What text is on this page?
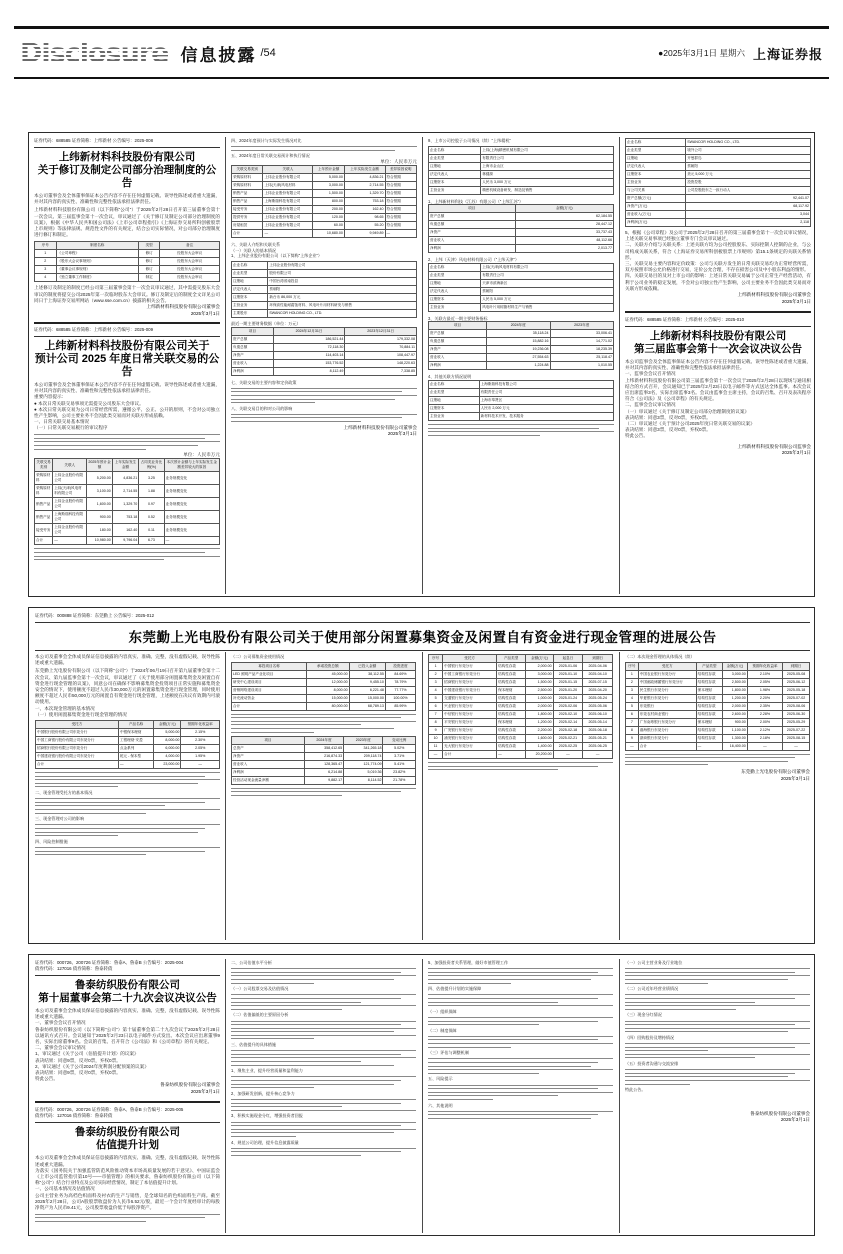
Disclosure 信息披露 /54	●2025年3月1日 星期六 上海证券报
证券代码：688585 证券简称：上纬新材 公告编号：2025-008
上纬新材料科技股份有限公司
关于修订及制定公司部分治理制度的公告
本公司董事会及全体董事保证本公告内容不存在任何虚假记载、误导性陈述或者重大遗漏，并对其内容的真实性、准确性和完整性依法承担法律责任。
上纬新材料科技股份有限公司（以下简称“公司”）于2025年2月28日召开第三届董事会第十一次会议、第三届监事会第十一次会议，审议通过了《关于修订及制定公司部分治理制度的议案》，根据《中华人民共和国公司法》《上市公司章程指引》《上海证券交易所科创板股票上市规则》等法律法规、规范性文件的有关规定，结合公司实际情况，对公司部分治理制度进行修订和制定。
序号	制度名称	类型	备注
1	《公司章程》	修订	经股东大会审议
2	《股东大会议事规则》	修订	经股东大会审议
3	《董事会议事规则》	修订	经股东大会审议
4	《独立董事工作制度》	制定	经股东大会审议
上述修订及制定的制度已经公司第三届董事会第十一次会议审议通过，其中需提交股东大会审议的制度将提交公司2025年第一次临时股东大会审议。修订及制定后的制度全文详见公司同日于上海证券交易所网站（www.sse.com.cn）披露的相关公告。
上纬新材料科技股份有限公司董事会
2025年3月1日
证券代码：688585 证券简称：上纬新材 公告编号：2025-009
上纬新材料科技股份有限公司关于
预计公司 2025 年度日常关联交易的公告
本公司董事会及全体董事保证本公告内容不存在任何虚假记载、误导性陈述或者重大遗漏，并对其内容的真实性、准确性和完整性依法承担法律责任。
重要内容提示：
● 本次日常关联交易事项无需提交公司股东大会审议。
● 本次日常关联交易为公司日常经营所需，遵循公平、公正、公开的原则，不会对公司独立性产生影响，公司主要业务不会因此类交易而对关联方形成依赖。
一、日常关联交易基本情况
（一）日常关联交易履行的审议程序
单位：人民币万元
关联交易类别	关联人	2025年预计金额	上年实际发生金额	占同类业务比例(%)	本次预计金额与上年实际发生金额差异较大的原因
采购原材料	上纬企业股份有限公司	5,200.00	4,836.21	3.25	业务规模变化
采购原材料	上纬(天津)风电材料有限公司	3,100.00	2,714.55	1.88	业务规模变化
销售产品	上纬企业股份有限公司	1,600.00	1,329.70	0.97	业务规模变化
销售产品	上海斯瑞科技有限公司	900.00	753.18	0.52	业务规模变化
接受劳务	上纬企业股份有限公司	180.00	162.40	0.11	业务规模变化
合计	—	10,980.00	9,796.04	6.73	—
四、2024年度预计与实际发生情况对比
五、2024年度日常关联交易预计和执行情况
单位：人民币万元
关联交易类别	关联人	上年预计金额	上年实际发生金额	差异原因说明
采购原材料	上纬企业股份有限公司	5,000.00	4,836.21	符合预期
采购原材料	上纬(天津)风电材料	3,000.00	2,714.55	符合预期
销售产品	上纬企业股份有限公司	1,500.00	1,329.70	符合预期
销售产品	上海斯瑞科技有限公司	800.00	753.18	符合预期
接受劳务	上纬企业股份有限公司	200.00	162.40	符合预期
提供劳务	上纬企业股份有限公司	120.00	98.65	符合预期
房屋租赁	上纬企业股份有限公司	60.00	55.20	符合预期
合计	—	10,680.00	9,949.89	—
六、关联人介绍和关联关系
（一）关联人的基本情况
1、上纬企业股份有限公司（以下简称“上纬企业”）
企业名称	上纬企业股份有限公司
企业类型	股份有限公司
注册地	中国台湾省南投县
法定代表人	蔡朝阳
注册资本	新台币 86,000 万元
主营业务	环保高性能耐腐蚀材料、风电叶片用材料研发与销售
主要股东	SWANCOR HOLDING CO., LTD.
最近一期主要财务数据（单位：万元）
项目	2024年12月31日	2023年12月31日
资产总额	186,521.44	179,332.08
负债总额	72,118.30	70,884.11
净资产	114,403.14	108,447.97
营业收入	153,776.52	148,220.63
净利润	8,112.49	7,338.85
七、关联交易的主要内容和定价政策
八、关联交易目的和对公司的影响
上纬新材料科技股份有限公司董事会
2025年3月1日
9、上市公司控股子公司情况（续）“上纬精机”
企业名称	上纬(上海)精密机械有限公司
企业类型	有限责任公司
注册地	上海市金山区
法定代表人	林健源
注册资本	人民币 3,000 万元
主营业务	精密机械设备研发、制造及销售
1、上纬新材料科技（江苏）有限公司（“上纬江苏”）
项目	金额(万元)
资产总额	62,184.55
负债总额	28,447.12
净资产	33,737.43
营业收入	48,112.66
净利润	2,013.77
2、上纬（天津）风电材料有限公司（“上纬天津”）
企业名称	上纬(天津)风电材料有限公司
企业类型	有限责任公司
注册地	天津市滨海新区
法定代表人	蔡朝阳
注册资本	人民币 5,000 万元
主营业务	风电叶片用树脂材料生产与销售
3、关联方最近一期主要财务指标
项目	2024年度	2023年度
资产总额	35,118.24	33,006.41
负债总额	15,882.16	14,771.02
净资产	19,236.08	18,235.39
营业收入	27,554.63	25,118.47
净利润	1,224.88	1,010.55
4、其他关联方情况说明
企业名称	上海斯瑞科技有限公司
企业类型	有限责任公司
注册地	上海市奉贤区
注册资本	人民币 2,000 万元
主营业务	新材料技术开发、技术服务
企业名称	SWANCOR HOLDING CO., LTD.
企业类型	境外公司
注册地	开曼群岛
法定代表人	蔡朝阳
注册资本	美元 5,000 万元
主营业务	投资控股
与公司关系	公司控股股东之一致行动人
资产总额(万元)	92,441.07
净资产(万元)	68,117.92
营业收入(万元)	3,044
净利润(万元)	2,118
5、根据《公司章程》及公司于2025年2月28日召开的第三届董事会第十一次会议审议情况，上述关联交易事项已经独立董事专门会议审议通过。
二、关联方介绍与关联关系：上述关联方均为公司控股股东、实际控制人控制的企业，与公司构成关联关系，符合《上海证券交易所科创板股票上市规则》第15.1条规定的关联关系情形。
三、关联交易主要内容和定价政策：公司与关联方发生的日常关联交易均为正常经营所需，双方按照市场公允价格进行交易，定价公允合理，不存在损害公司及中小股东利益的情形。
四、关联交易目的及对上市公司的影响：上述日常关联交易属于公司正常生产经营活动，有利于公司业务的稳定发展，不会对公司独立性产生影响，公司主要业务不会因此类交易而对关联方形成依赖。
上纬新材料科技股份有限公司董事会
2025年3月1日
证券代码：688585 证券简称：上纬新材 公告编号：2025-010
上纬新材料科技股份有限公司
第三届监事会第十一次会议决议公告
本公司监事会及全体监事保证本公告内容不存在任何虚假记载、误导性陈述或者重大遗漏，并对其内容的真实性、准确性和完整性依法承担法律责任。
一、监事会会议召开情况
上纬新材料科技股份有限公司第三届监事会第十一次会议于2025年2月28日以现场与通讯相结合的方式召开，会议通知已于2025年2月23日以电子邮件等方式送达全体监事。本次会议应出席监事3名，实际出席监事3名。会议由监事会主席主持，会议的召集、召开及表决程序符合《公司法》及《公司章程》的有关规定。
二、监事会会议审议情况
（一）审议通过《关于修订及制定公司部分治理制度的议案》
表决结果：同意3票，反对0票，弃权0票。
（二）审议通过《关于预计公司2025年度日常关联交易的议案》
表决结果：同意3票，反对0票，弃权0票。
特此公告。
上纬新材料科技股份有限公司监事会
2025年3月1日
证券代码：000888 证券简称：东莞勤上 公告编号：2025-012
东莞勤上光电股份有限公司关于使用部分闲置募集资金及闲置自有资金进行现金管理的进展公告
本公司及董事会全体成员保证信息披露的内容真实、准确、完整，没有虚假记载、误导性陈述或重大遗漏。
东莞勤上光电股份有限公司（以下简称“公司”）于2024年06月19日召开第九届董事会第十二次会议、第九届监事会第十一次会议，审议通过了《关于使用部分闲置募集资金及闲置自有资金进行现金管理的议案》，同意公司在确保不影响募集资金投资项目正常实施和募集资金安全的情况下，使用额度不超过人民币30,000万元的闲置募集资金进行现金管理，同时使用额度不超过人民币50,000万元的闲置自有资金进行现金管理，上述额度在决议有效期内可滚动使用。
一、本次现金管理的基本情况
（一）使用闲置募集资金进行现金管理的情况
受托方	产品名称	金额(万元)	预期年化收益率
中国银行股份有限公司东莞分行	中银保本理财	5,000.00	2.15%
中国工商银行股份有限公司东莞分行	工银理财·安盈	8,000.00	2.30%
招商银行股份有限公司东莞分行	点金系列	6,000.00	2.05%
中国建设银行股份有限公司东莞分行	乾元 - 保本型	4,000.00	1.95%
合计	—	23,000.00	—
二、现金管理受托方的基本情况
三、现金管理对公司的影响
四、风险控制措施
（二）公司募集资金使用情况
募投项目名称	承诺投资总额	已投入金额	投资进度
LED 照明产品产业化项目	45,000.00	38,112.55	84.69%
研发中心建设项目	12,000.00	9,455.10	78.79%
营销网络建设项目	8,000.00	6,221.48	77.77%
补充流动资金	15,000.00	15,000.00	100.00%
合计	80,000.00	68,789.13	85.99%
项目	2024年度	2023年度	变动比例
总资产	358,412.65	341,265.18	5.02%
净资产	216,874.33	209,118.74	3.71%
营业收入	128,365.47	121,774.09	5.41%
净利润	6,214.88	5,019.36	23.82%
经营活动现金流量净额	9,882.17	8,114.52	21.78%
序号	受托方	产品类型	金额(万元)	起息日	到期日
1	中国银行东莞分行	结构性存款	2,000.00	2025-01-06	2025-04-06
2	中国工商银行东莞分行	结构性存款	3,000.00	2025-01-10	2025-04-10
3	招商银行东莞分行	结构性存款	1,500.00	2025-01-15	2025-07-15
4	中国建设银行东莞分行	保本理财	2,500.00	2025-01-20	2025-04-20
5	交通银行东莞分行	结构性存款	1,000.00	2025-01-24	2025-05-24
6	兴业银行东莞分行	结构性存款	2,000.00	2025-02-06	2025-05-06
7	中信银行东莞分行	结构性存款	1,800.00	2025-02-10	2025-06-10
8	平安银行东莞分行	保本理财	1,200.00	2025-02-14	2025-05-14
9	广发银行东莞分行	结构性存款	2,200.00	2025-02-18	2025-06-18
10	浦发银行东莞分行	结构性存款	1,600.00	2025-02-21	2025-05-21
11	光大银行东莞分行	结构性存款	1,400.00	2025-02-25	2025-06-25
—	合计	—	20,200.00	—	—
（二）本次现金管理的具体情况（续）
序号	受托方	产品类型	金额(万元)	预期年化收益率	到期日
1	中国农业银行东莞分行	结构性存款	3,000.00	2.10%	2025-05-08
2	中国邮政储蓄银行东莞分行	结构性存款	2,500.00	2.05%	2025-06-12
3	民生银行东莞分行	保本理财	1,800.00	1.98%	2025-05-18
4	华夏银行东莞分行	结构性存款	1,200.00	2.20%	2025-07-02
5	东莞银行	结构性存款	2,000.00	2.35%	2025-08-06
6	东莞农村商业银行	结构性存款	2,600.00	2.28%	2025-06-30
7	广东南粤银行东莞分行	保本理财	900.00	2.00%	2025-05-29
8	渤海银行东莞分行	结构性存款	1,100.00	2.12%	2025-07-22
9	浙商银行东莞分行	结构性存款	1,300.00	2.18%	2025-08-15
—	合计	—	16,400.00	—	—
东莞勤上光电股份有限公司董事会
2025年3月1日
证券代码：000726、200726 证券简称：鲁泰A、鲁泰B 公告编号：2025-004
债券代码：127016 债券简称：鲁泰转债
鲁泰纺织股份有限公司
第十届董事会第二十九次会议决议公告
本公司及董事会全体成员保证信息披露的内容真实、准确、完整，没有虚假记载、误导性陈述或重大遗漏。
一、董事会会议召开情况
鲁泰纺织股份有限公司（以下简称“公司”）第十届董事会第二十九次会议于2025年2月28日以通讯方式召开。会议通知于2025年2月23日以电子邮件方式发出。本次会议应出席董事9名，实际出席董事9名。会议的召集、召开符合《公司法》和《公司章程》的有关规定。
二、董事会会议审议情况
1、审议通过《关于公司〈估值提升计划〉的议案》
表决结果：同意9票，反对0票，弃权0票。
2、审议通过《关于公司2024年度利润分配预案的议案》
表决结果：同意9票，反对0票，弃权0票。
特此公告。
鲁泰纺织股份有限公司董事会
2025年3月1日
证券代码：000726、200726 证券简称：鲁泰A、鲁泰B 公告编号：2025-005
债券代码：127016 债券简称：鲁泰转债
鲁泰纺织股份有限公司
估值提升计划
本公司及董事会全体成员保证信息披露的内容真实、准确、完整，没有虚假记载、误导性陈述或重大遗漏。
为落实《国务院关于加强监管防范风险推动资本市场高质量发展的若干意见》、中国证监会《上市公司监管指引第10号——市值管理》的相关要求，鲁泰纺织股份有限公司（以下简称“公司”）结合行业特点及公司实际经营情况，制定了本估值提升计划。
一、公司基本情况及估值情况
公司主营业务为高档色织面料及衬衣的生产与销售，是全球知名的色织面料生产商。截至2025年2月28日，公司A股股票收盘价为人民币6.52元/股，最近一个会计年度经审计的每股净资产为人民币9.41元，公司股票收盘价低于每股净资产。
二、公司估值水平分析
（一）公司股票交易及估值情况
（二）估值偏低的主要原因分析
三、估值提升的具体措施
1、聚焦主业，提升经营质量和盈利能力
2、加强研发创新，提升核心竞争力
3、积极实施现金分红，增强投资者回报
4、规范公司治理，提升信息披露质量
5、加强投资者关系管理，做好市值管理工作
四、估值提升计划的实施保障
（一）组织保障
（二）制度保障
（三）评估与调整机制
五、风险提示
六、其他说明
（一）公司主营业务及行业地位
（二）公司近年经营业绩情况
（三）现金分红情况
（四）回购股份及增持情况
（五）投资者沟通与交流安排
特此公告。
鲁泰纺织股份有限公司董事会
2025年3月1日
